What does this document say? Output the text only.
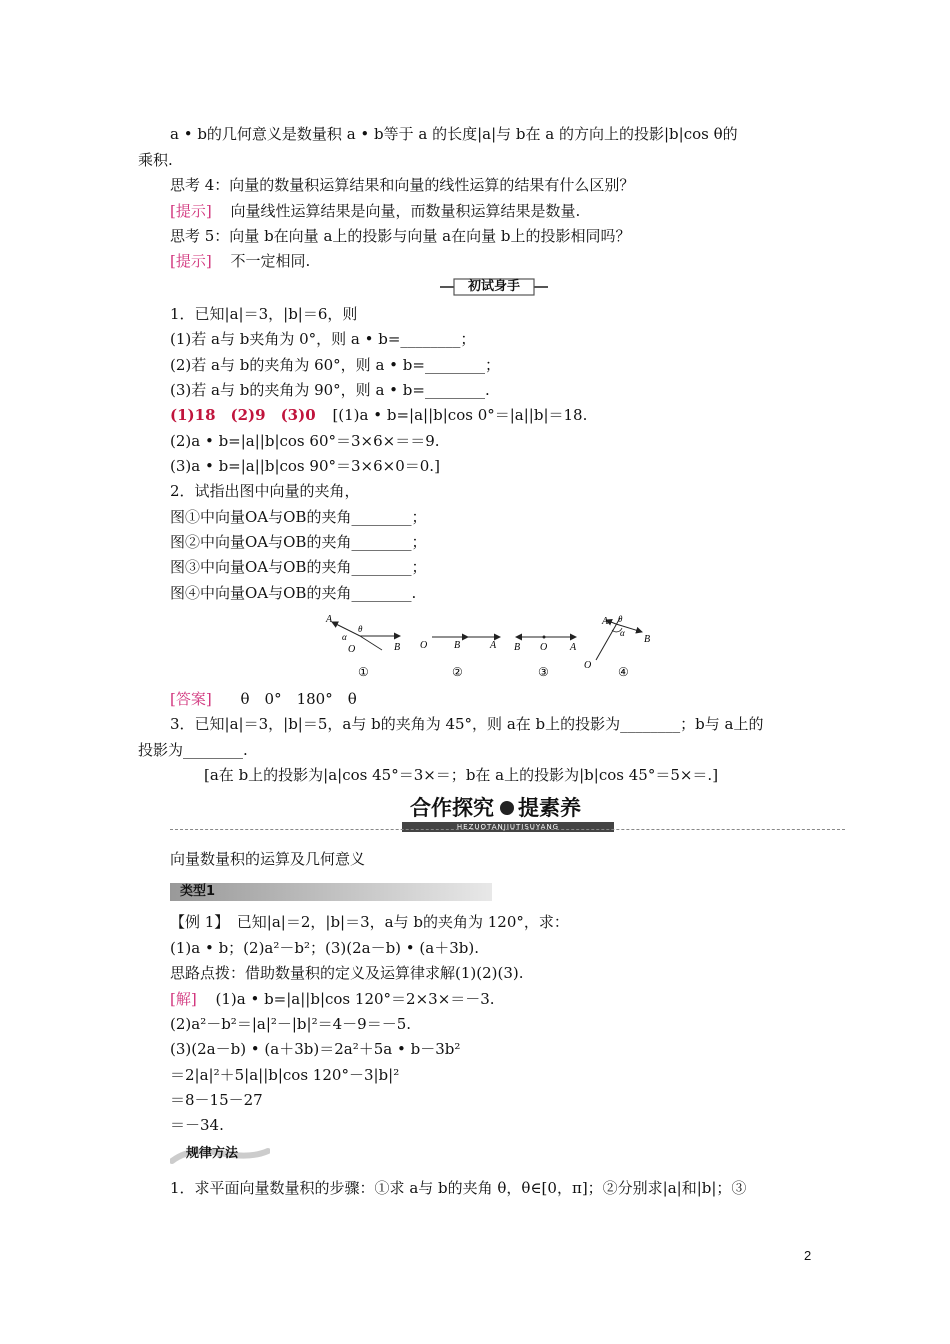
a • b的几何意义是数量积 a • b等于 a 的长度|a|与 b在 a 的方向上的投影|b|cos θ的
乘积.
思考 4：向量的数量积运算结果和向量的线性运算的结果有什么区别？
[提示] 向量线性运算结果是向量，而数量积运算结果是数量.
思考 5：向量 b在向量 a上的投影与向量 a在向量 b上的投影相同吗？
[提示] 不一定相同.
初试身手
1．已知|a|＝3，|b|＝6，则
(1)若 a与 b夹角为 0°，则 a • b=________；
(2)若 a与 b的夹角为 60°，则 a • b=________；
(3)若 a与 b的夹角为 90°，则 a • b=________.
(1)18　(2)9　(3)0 [(1)a • b=|a||b|cos 0°＝|a||b|＝18.
(2)a • b=|a||b|cos 60°＝3×6×＝＝9.
(3)a • b=|a||b|cos 90°＝3×6×0＝0.]
2．试指出图中向量的夹角，
图①中向量OA与OB的夹角________；
图②中向量OA与OB的夹角________；
图③中向量OA与OB的夹角________；
图④中向量OA与OB的夹角________.
A
O	B
θ
α
①
O	B	A
②
B O A
③
A
B
O
θ
α
④
[答案] θ　0°　180°　θ
3．已知|a|＝3，|b|＝5，a与 b的夹角为 45°，则 a在 b上的投影为________；b与 a上的
投影为________.
[a在 b上的投影为|a|cos 45°＝3×＝；b在 a上的投影为|b|cos 45°＝5×＝.]
合作探究 提素养
HEZUOTANJIUTISUYANG
向量数量积的运算及几何意义
类型1
【例 1】　已知|a|＝2，|b|＝3，a与 b的夹角为 120°，求：
(1)a • b；(2)a²－b²；(3)(2a－b) • (a＋3b).
思路点拨：借助数量积的定义及运算律求解(1)(2)(3).
[解] (1)a • b=|a||b|cos 120°＝2×3×＝－3.
(2)a²－b²＝|a|²－|b|²＝4－9＝－5.
(3)(2a－b) • (a＋3b)＝2a²＋5a • b－3b²
＝2|a|²＋5|a||b|cos 120°－3|b|²
＝8－15－27
＝－34.
规律方法
1．求平面向量数量积的步骤：①求 a与 b的夹角 θ，θ∈[0，π]；②分别求|a|和|b|；③
2
